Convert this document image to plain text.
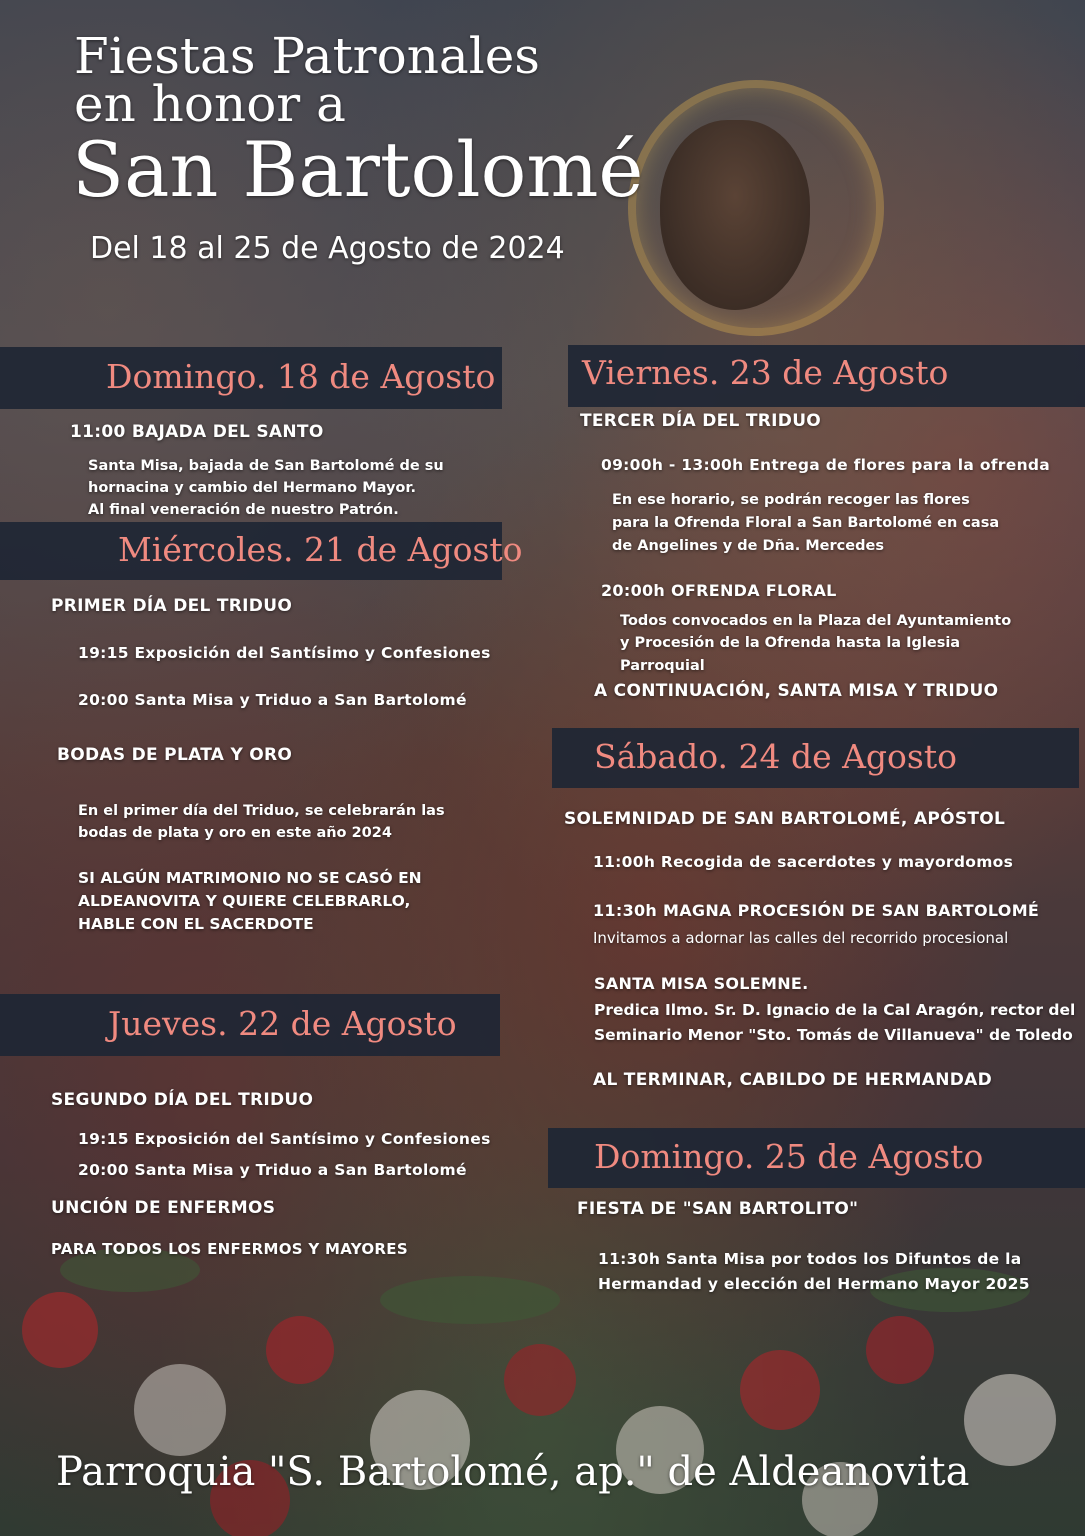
Fiestas Patronales

en honor a

San Bartolomé

Del 18 al 25 de Agosto de 2024

Domingo. 18 de Agosto

11:00 BAJADA DEL SANTO

Santa Misa, bajada de San Bartolomé de su

hornacina y cambio del Hermano Mayor.

Al final veneración de nuestro Patrón.

Miércoles. 21 de Agosto

PRIMER DÍA DEL TRIDUO

19:15 Exposición del Santísimo y Confesiones

20:00 Santa Misa y Triduo a San Bartolomé

BODAS DE PLATA Y ORO

En el primer día del Triduo, se celebrarán las

bodas de plata y oro en este año 2024

SI ALGÚN MATRIMONIO NO SE CASÓ EN

ALDEANOVITA Y QUIERE CELEBRARLO,

HABLE CON EL SACERDOTE

Jueves. 22 de Agosto

SEGUNDO DÍA DEL TRIDUO

19:15 Exposición del Santísimo y Confesiones

20:00 Santa Misa y Triduo a San Bartolomé

UNCIÓN DE ENFERMOS

PARA TODOS LOS ENFERMOS Y MAYORES

Viernes. 23 de Agosto

TERCER DÍA DEL TRIDUO

09:00h - 13:00h Entrega de flores para la ofrenda

En ese horario, se podrán recoger las flores

para la Ofrenda Floral a San Bartolomé en casa

de Angelines y de Dña. Mercedes

20:00h OFRENDA FLORAL

Todos convocados en la Plaza del Ayuntamiento

y Procesión de la Ofrenda hasta la Iglesia

Parroquial

A CONTINUACIÓN, SANTA MISA Y TRIDUO

Sábado. 24 de Agosto

SOLEMNIDAD DE SAN BARTOLOMÉ, APÓSTOL

11:00h Recogida de sacerdotes y mayordomos

11:30h MAGNA PROCESIÓN DE SAN BARTOLOMÉ

Invitamos a adornar las calles del recorrido procesional

SANTA MISA SOLEMNE.

Predica Ilmo. Sr. D. Ignacio de la Cal Aragón, rector del

Seminario Menor "Sto. Tomás de Villanueva" de Toledo

AL TERMINAR, CABILDO DE HERMANDAD

Domingo. 25 de Agosto

FIESTA DE "SAN BARTOLITO"

11:30h Santa Misa por todos los Difuntos de la

Hermandad y elección del Hermano Mayor 2025

Parroquia "S. Bartolomé, ap." de Aldeanovita
